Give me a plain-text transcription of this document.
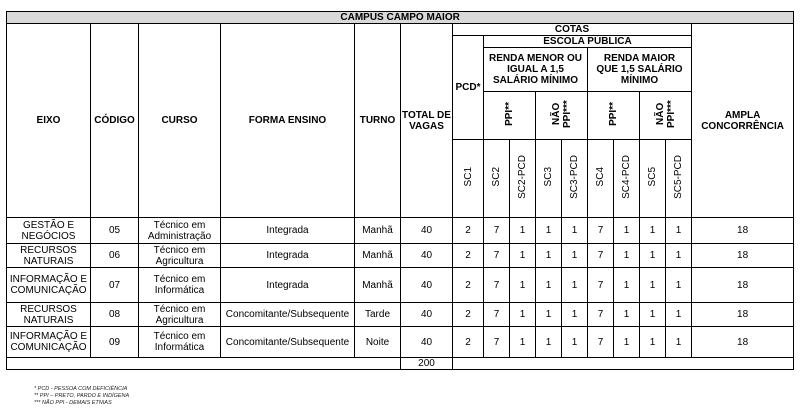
CAMPUS CAMPO MAIOR															
EIXO	CÓDIGO	CURSO	FORMA ENSINO	TURNO	TOTAL DE VAGAS	COTAS									AMPLA CONCORRÊNCIA
						PCD*	ESCOLA PÚBLICA								
							RENDA MENOR OU IGUAL A 1,5 SALÁRIO MÍNIMO				RENDA MAIOR QUE 1,5 SALÁRIO MÍNIMO				
							PPI**		NÃO PPI***		PPI**		NÃO PPI***		
						SC1	SC2	SC2-PCD	SC3	SC3-PCD	SC4	SC4-PCD	SC5	SC5-PCD	
GESTÃO E NEGÓCIOS	05	Técnico em Administração	Integrada	Manhã	40	2	7	1	1	1	7	1	1	1	18
RECURSOS NATURAIS	06	Técnico em Agricultura	Integrada	Manhã	40	2	7	1	1	1	7	1	1	1	18
INFORMAÇÃO E COMUNICAÇÃO	07	Técnico em Informática	Integrada	Manhã	40	2	7	1	1	1	7	1	1	1	18
RECURSOS NATURAIS	08	Técnico em Agricultura	Concomitante/Subsequente	Tarde	40	2	7	1	1	1	7	1	1	1	18
INFORMAÇÃO E COMUNICAÇÃO	09	Técnico em Informática	Concomitante/Subsequente	Noite	40	2	7	1	1	1	7	1	1	1	18
					200										
* PCD - PESSOA COM DEFICIÊNCIA
** PPI – PRETO, PARDO E INDÍGENA
*** NÃO PPI - DEMAIS ETNIAS
